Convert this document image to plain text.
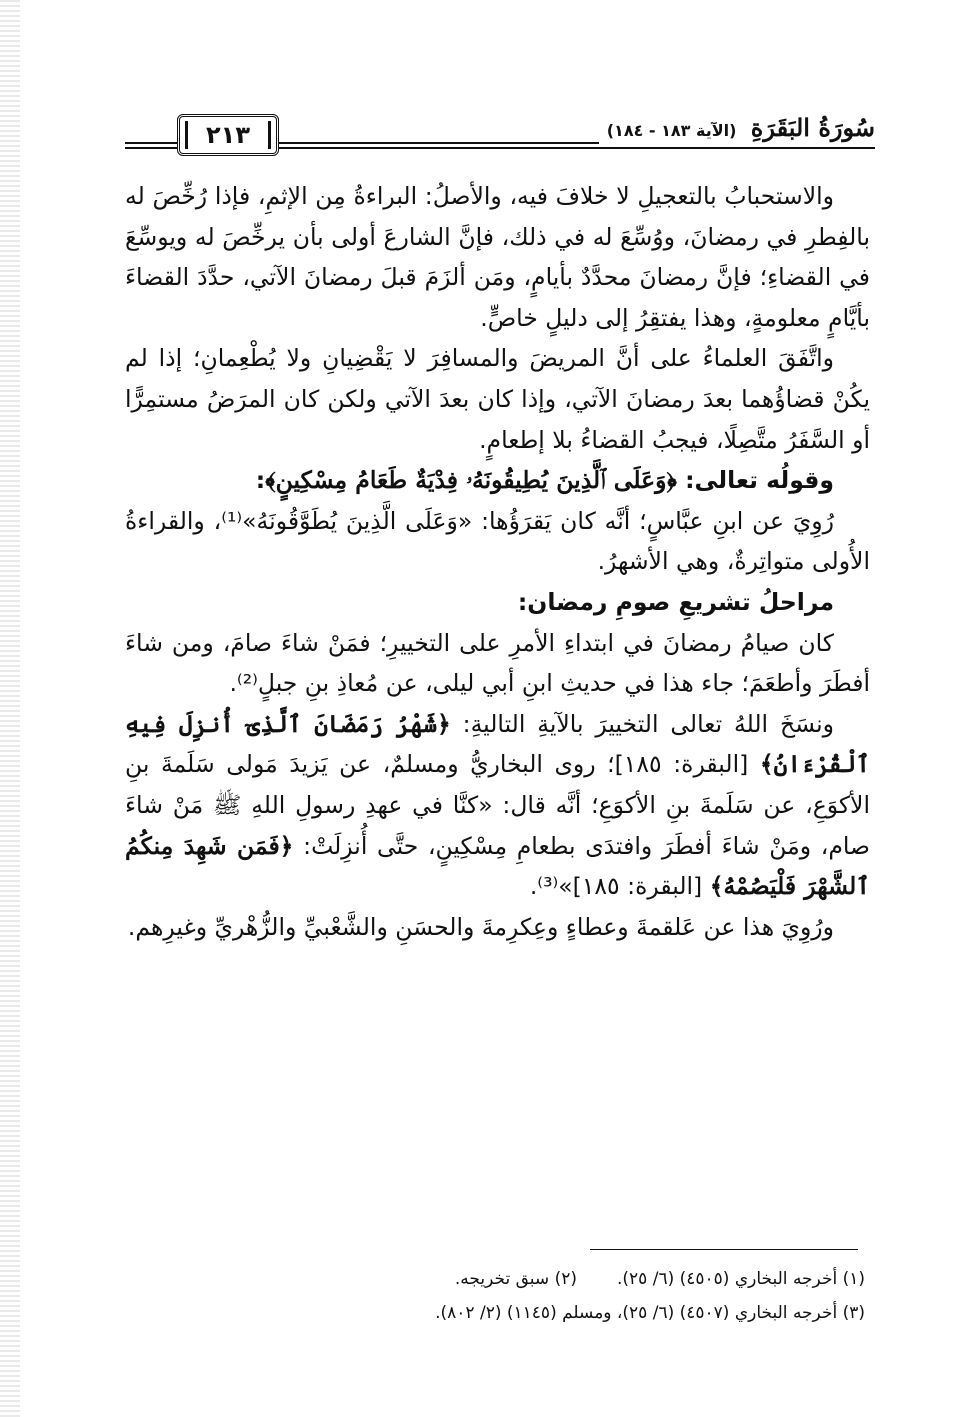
٢١٣	سُورَةُ البَقَرَةِ (الآية ١٨٣ - ١٨٤)

والاستحبابُ بالتعجيلِ لا خلافَ فيه، والأصلُ: البراءةُ مِن الإثمِ، فإذا رُخِّصَ له بالفِطرِ في رمضانَ، ووُسِّعَ له في ذلك، فإنَّ الشارعَ أولى بأن يرخِّصَ له ويوسِّعَ في القضاءِ؛ فإنَّ رمضانَ محدَّدٌ بأيامٍ، ومَن ألزَمَ قبلَ رمضانَ الآتي، حدَّدَ القضاءَ بأيَّامٍ معلومةٍ، وهذا يفتقِرُ إلى دليلٍ خاصٍّ.

واتَّفَقَ العلماءُ على أنَّ المريضَ والمسافِرَ لا يَقْضِيانِ ولا يُطْعِمانِ؛ إذا لم يكُنْ قضاؤُهما بعدَ رمضانَ الآتي، وإذا كان بعدَ الآتي ولكن كان المرَضُ مستمِرًّا أو السَّفَرُ متَّصِلًا، فيجبُ القضاءُ بلا إطعامٍ.

وقولُه تعالى: ﴿وَعَلَى ٱلَّذِينَ يُطِيقُونَهُۥ فِدْيَةٌ طَعَامُ مِسْكِينٍ﴾:

رُوِيَ عن ابنِ عبَّاسٍ؛ أنَّه كان يَقرَؤُها: «وَعَلَى الَّذِينَ يُطَوَّقُونَهُ»⁽¹⁾، والقراءةُ الأُولى متواتِرةٌ، وهي الأشهرُ.

مراحلُ تشريعِ صومِ رمضان:

كان صيامُ رمضانَ في ابتداءِ الأمرِ على التخييرِ؛ فمَنْ شاءَ صامَ، ومن شاءَ أفطَرَ وأطعَمَ؛ جاء هذا في حديثِ ابنِ أبي ليلى، عن مُعاذِ بنِ جبلٍ⁽²⁾.

ونسَخَ اللهُ تعالى التخييرَ بالآيةِ التاليةِ: ﴿شَهْرُ رَمَضَانَ ٱلَّذِىٓ أُنزِلَ فِيهِ ٱلْقُرْءَانُ﴾ [البقرة: ١٨٥]؛ روى البخاريُّ ومسلمٌ، عن يَزيدَ مَولى سَلَمةَ بنِ الأكوَعِ، عن سَلَمةَ بنِ الأكوَعِ؛ أنَّه قال: «كنَّا في عهدِ رسولِ اللهِ ﷺ مَنْ شاءَ صام، ومَنْ شاءَ أفطَرَ وافتدَى بطعامِ مِسْكِينٍ، حتَّى أُنزِلَتْ: ﴿فَمَن شَهِدَ مِنكُمُ ٱلشَّهْرَ فَلْيَصُمْهُ﴾ [البقرة: ١٨٥]»⁽³⁾.

ورُوِيَ هذا عن عَلقمةَ وعطاءٍ وعِكرِمةَ والحسَنِ والشَّعْبيِّ والزُّهْريِّ وغيرِهم.

(١) أخرجه البخاري (٤٥٠٥) (٦/ ٢٥).(٢) سبق تخريجه.
(٣) أخرجه البخاري (٤٥٠٧) (٦/ ٢٥)، ومسلم (١١٤٥) (٢/ ٨٠٢).
